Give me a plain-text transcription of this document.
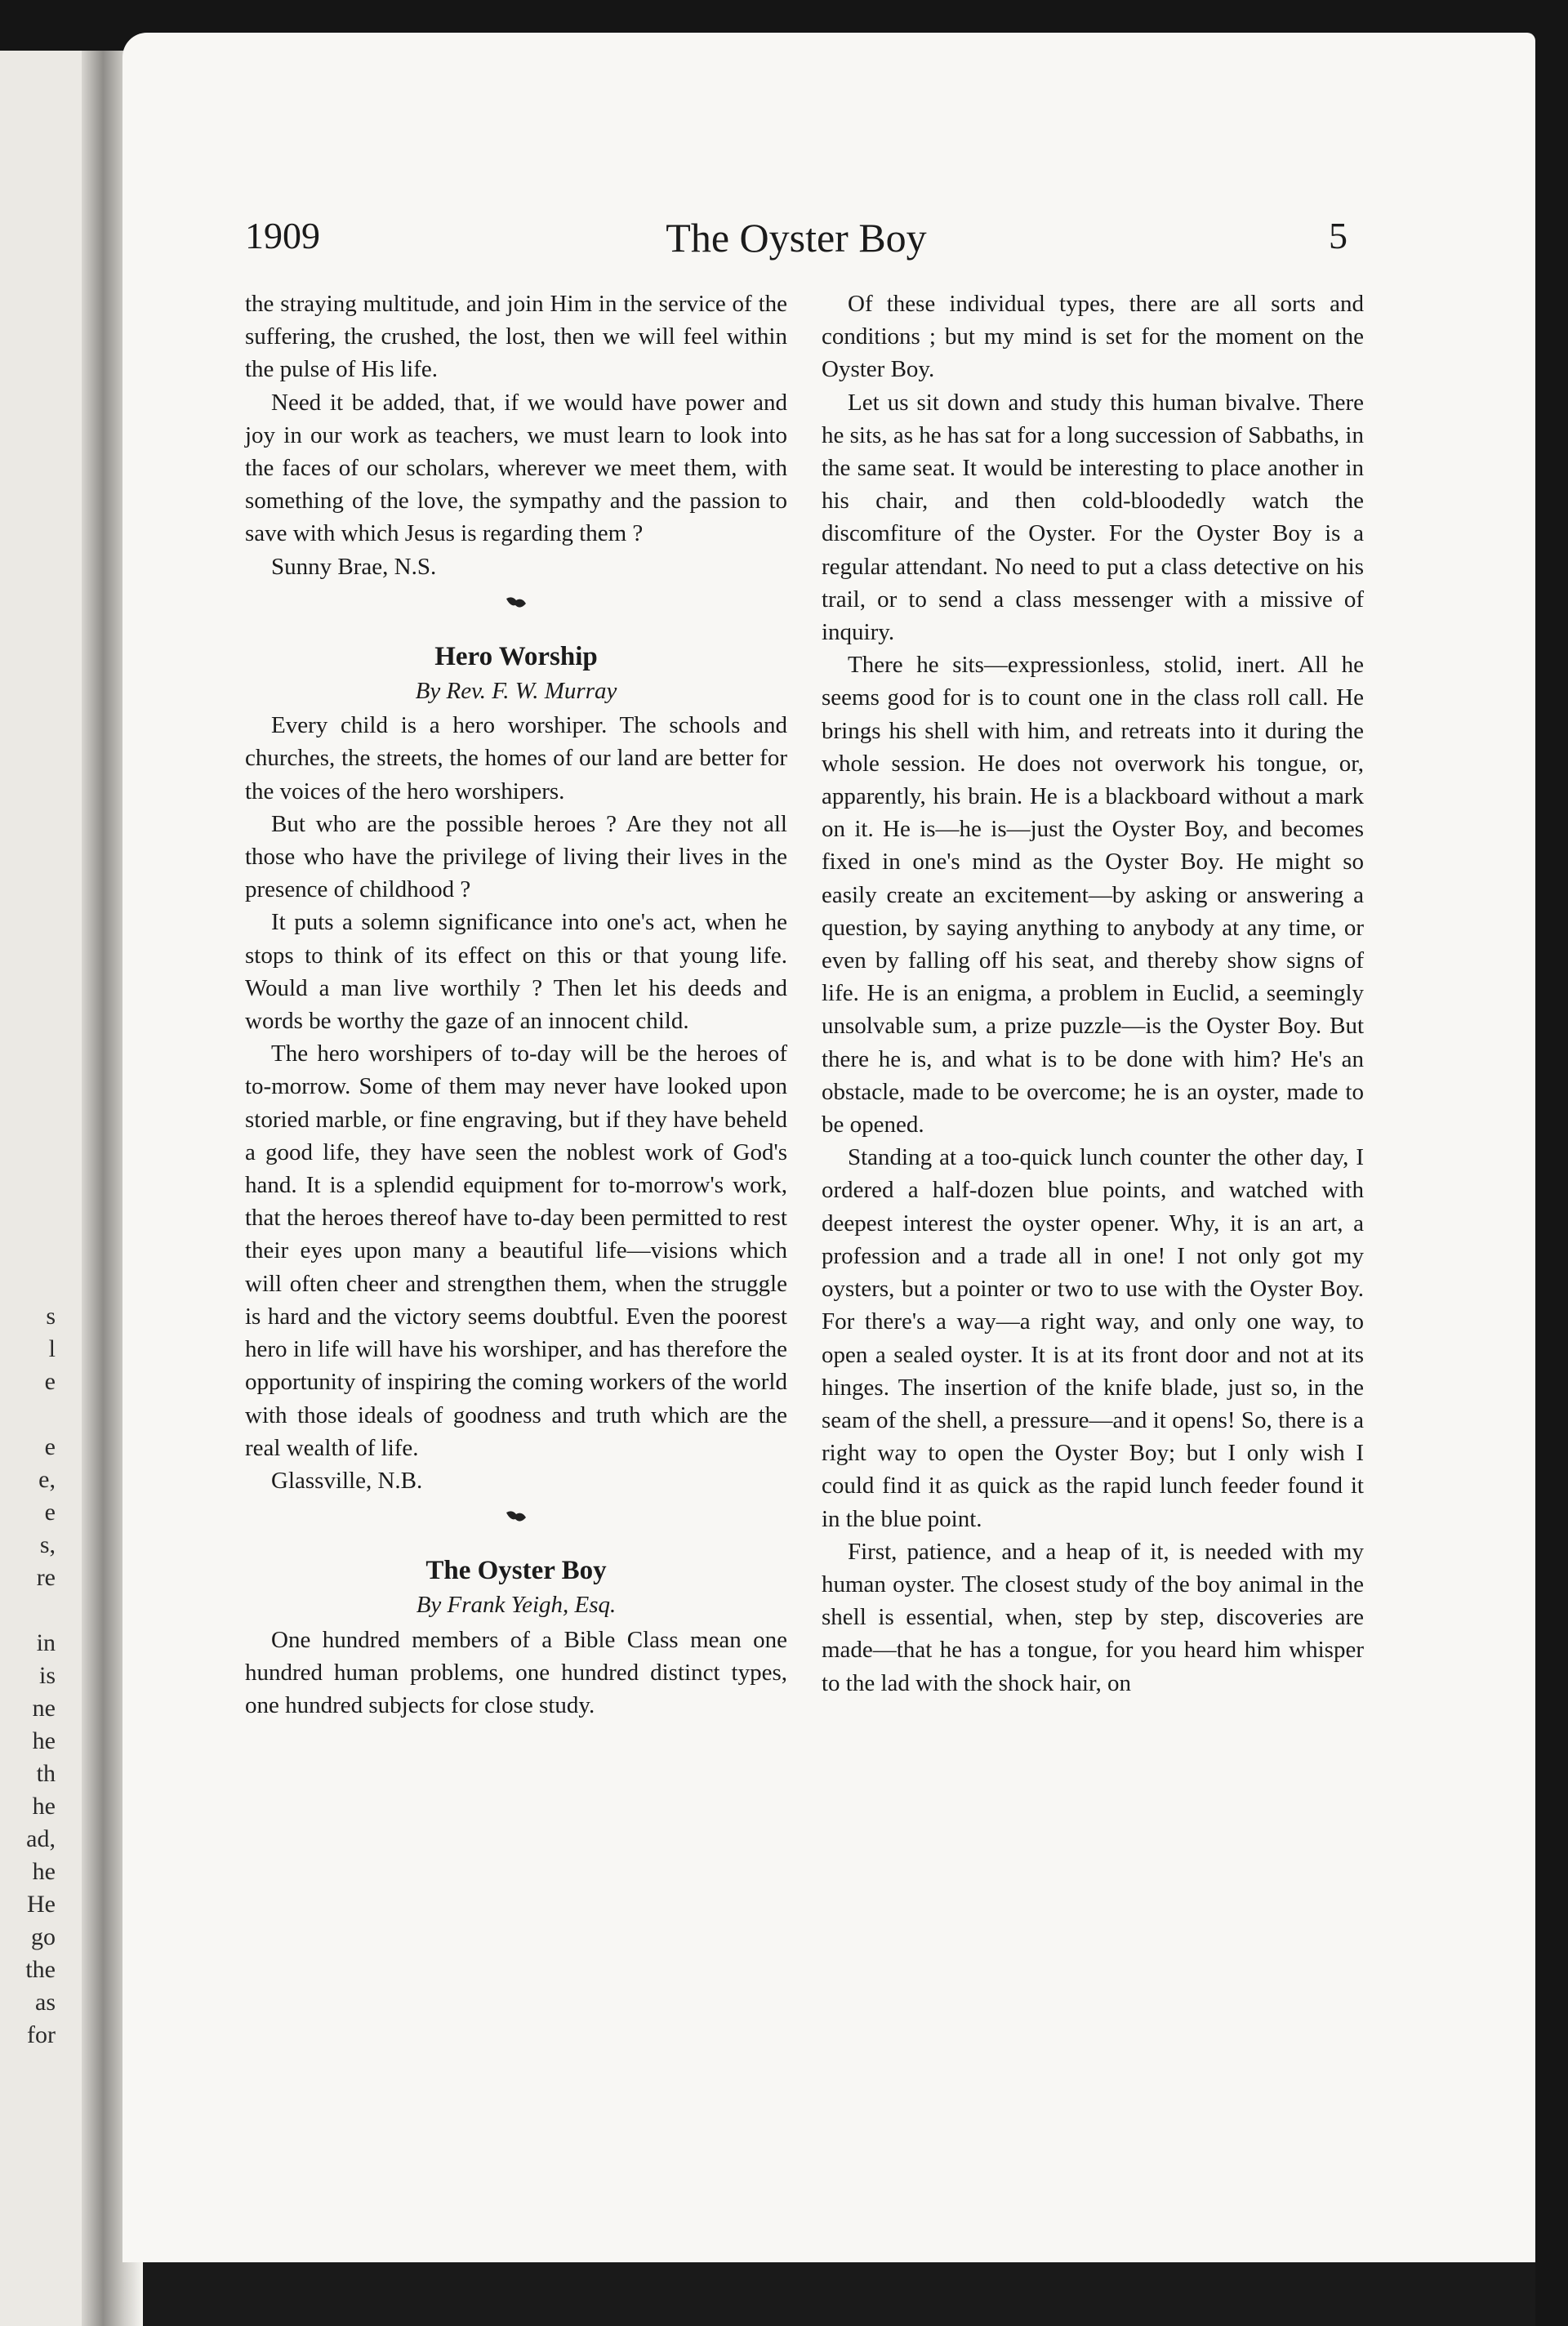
s
l
e
e
e,
e
s,
re
in
is
ne
he
th
he
ad,
he
He
go
the
as
for
1909	The Oyster Boy	5

the straying multitude, and join Him in the service of the suffering, the crushed, the lost, then we will feel within the pulse of His life.

Need it be added, that, if we would have power and joy in our work as teachers, we must learn to look into the faces of our scholars, wherever we meet them, with something of the love, the sympathy and the passion to save with which Jesus is regarding them ?

Sunny Brae, N.S.

Hero Worship
By Rev. F. W. Murray

Every child is a hero worshiper. The schools and churches, the streets, the homes of our land are better for the voices of the hero worshipers.

But who are the possible heroes ? Are they not all those who have the privilege of living their lives in the presence of childhood ?

It puts a solemn significance into one's act, when he stops to think of its effect on this or that young life. Would a man live worthily ? Then let his deeds and words be worthy the gaze of an innocent child.

The hero worshipers of to-day will be the heroes of to-morrow. Some of them may never have looked upon storied marble, or fine engraving, but if they have beheld a good life, they have seen the noblest work of God's hand. It is a splendid equipment for to-morrow's work, that the heroes thereof have to-day been permitted to rest their eyes upon many a beautiful life—visions which will often cheer and strengthen them, when the struggle is hard and the victory seems doubtful. Even the poorest hero in life will have his worshiper, and has therefore the opportunity of inspiring the coming workers of the world with those ideals of goodness and truth which are the real wealth of life.

Glassville, N.B.

The Oyster Boy
By Frank Yeigh, Esq.

One hundred members of a Bible Class mean one hundred human problems, one hundred distinct types, one hundred subjects for close study.

Of these individual types, there are all sorts and conditions ; but my mind is set for the moment on the Oyster Boy.

Let us sit down and study this human bivalve. There he sits, as he has sat for a long succession of Sabbaths, in the same seat. It would be interesting to place another in his chair, and then cold-bloodedly watch the discomfiture of the Oyster. For the Oyster Boy is a regular attendant. No need to put a class detective on his trail, or to send a class messenger with a missive of inquiry.

There he sits—expressionless, stolid, inert. All he seems good for is to count one in the class roll call. He brings his shell with him, and retreats into it during the whole session. He does not overwork his tongue, or, apparently, his brain. He is a blackboard without a mark on it. He is—he is—just the Oyster Boy, and becomes fixed in one's mind as the Oyster Boy. He might so easily create an excitement—by asking or answering a question, by saying anything to anybody at any time, or even by falling off his seat, and thereby show signs of life. He is an enigma, a problem in Euclid, a seemingly unsolvable sum, a prize puzzle—is the Oyster Boy. But there he is, and what is to be done with him? He's an obstacle, made to be overcome; he is an oyster, made to be opened.

Standing at a too-quick lunch counter the other day, I ordered a half-dozen blue points, and watched with deepest interest the oyster opener. Why, it is an art, a profession and a trade all in one! I not only got my oysters, but a pointer or two to use with the Oyster Boy. For there's a way—a right way, and only one way, to open a sealed oyster. It is at its front door and not at its hinges. The insertion of the knife blade, just so, in the seam of the shell, a pressure—and it opens! So, there is a right way to open the Oyster Boy; but I only wish I could find it as quick as the rapid lunch feeder found it in the blue point.

First, patience, and a heap of it, is needed with my human oyster. The closest study of the boy animal in the shell is essential, when, step by step, discoveries are made—that he has a tongue, for you heard him whisper to the lad with the shock hair, on
